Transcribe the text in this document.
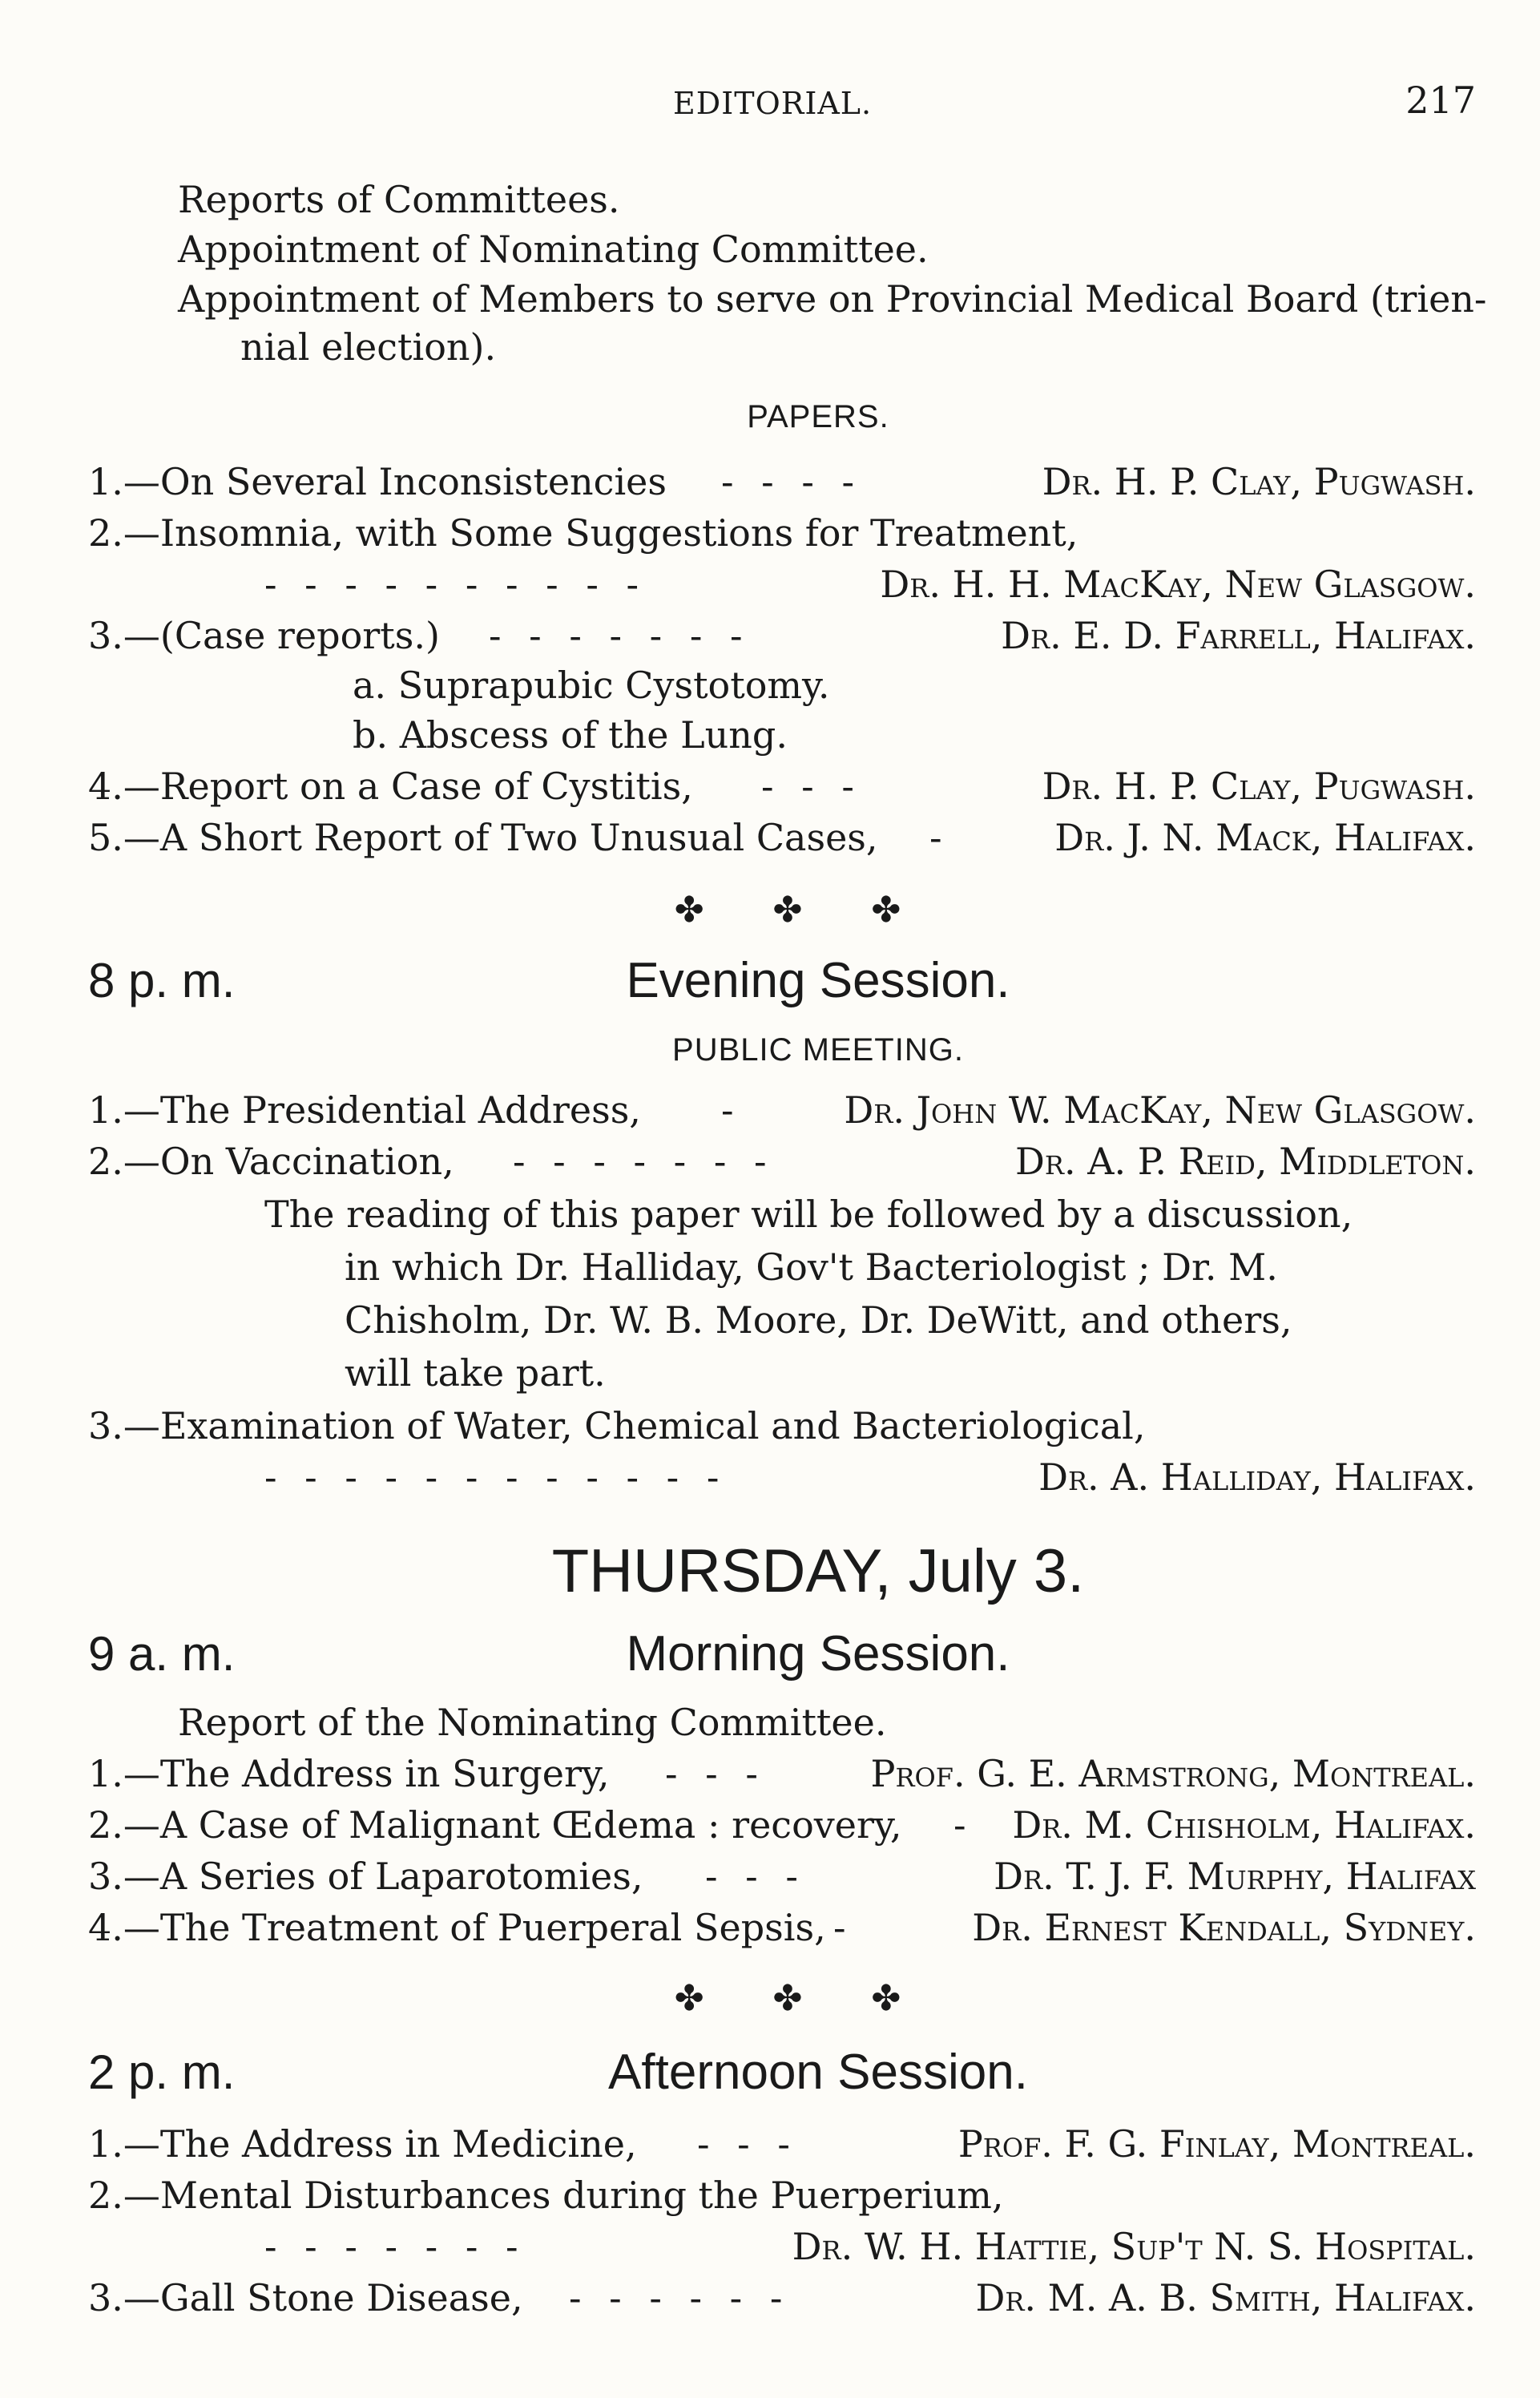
EDITORIAL.	217
Reports of Committees.
Appointment of Nominating Committee.
Appointment of Members to serve on Provincial Medical Board (trien-
nial election).
PAPERS.
1.—On Several Inconsistencies - - - -	Dr. H. P. Clay, Pugwash.
2.—Insomnia, with Some Suggestions for Treatment,
- - - - - - - - - -	Dr. H. H. MacKay, New Glasgow.
3.—(Case reports.) - - - - - - -	Dr. E. D. Farrell, Halifax.
a. Suprapubic Cystotomy.
b. Abscess of the Lung.
4.—Report on a Case of Cystitis, - - -	Dr. H. P. Clay, Pugwash.
5.—A Short Report of Two Unusual Cases, -	Dr. J. N. Mack, Halifax.
✤ ✤ ✤
8 p. m.	Evening Session.
PUBLIC MEETING.
1.—The Presidential Address, -	Dr. John W. MacKay, New Glasgow.
2.—On Vaccination, - - - - - - -	Dr. A. P. Reid, Middleton.
The reading of this paper will be followed by a discussion,
in which Dr. Halliday, Gov't Bacteriologist ; Dr. M.
Chisholm, Dr. W. B. Moore, Dr. DeWitt, and others,
will take part.
3.—Examination of Water, Chemical and Bacteriological,
- - - - - - - - - - - -	Dr. A. Halliday, Halifax.
THURSDAY, July 3.
9 a. m.	Morning Session.
Report of the Nominating Committee.
1.—The Address in Surgery, - - -	Prof. G. E. Armstrong, Montreal.
2.—A Case of Malignant Œdema : recovery, - Dr. M. Chisholm, Halifax.
3.—A Series of Laparotomies, - - -	Dr. T. J. F. Murphy, Halifax
4.—The Treatment of Puerperal Sepsis, -	Dr. Ernest Kendall, Sydney.
✤ ✤ ✤
2 p. m.	Afternoon Session.
1.—The Address in Medicine, - - -	Prof. F. G. Finlay, Montreal.
2.—Mental Disturbances during the Puerperium,
- - - - - - -	Dr. W. H. Hattie, Sup't N. S. Hospital.
3.—Gall Stone Disease, - - - - - -	Dr. M. A. B. Smith, Halifax.
